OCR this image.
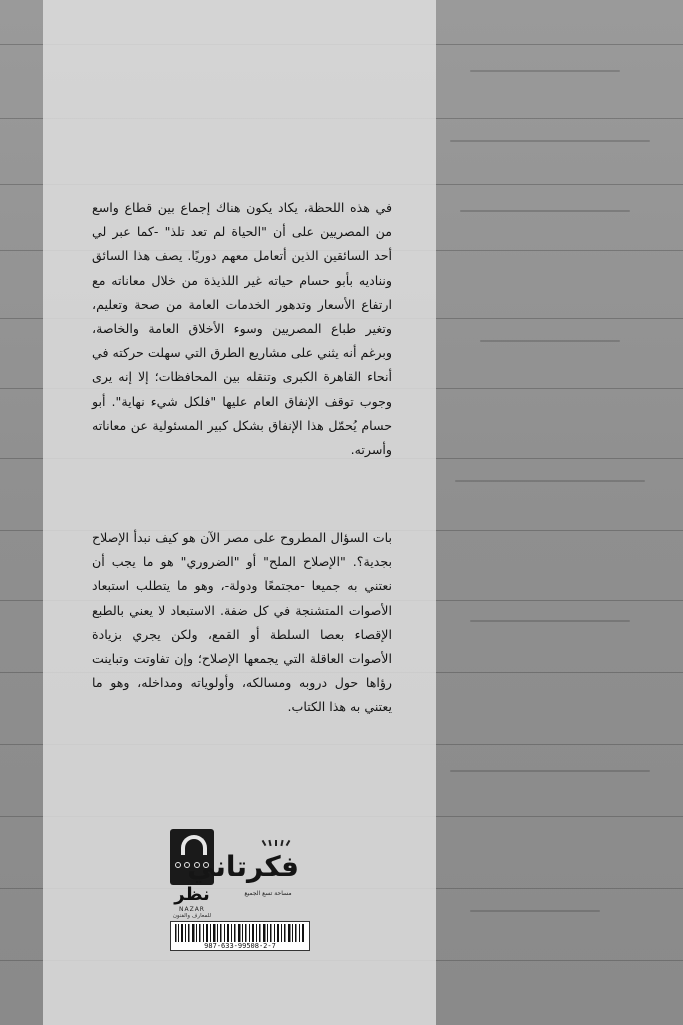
في هذه اللحظة، يكاد يكون هناك إجماع بين قطاع واسع من المصريين على أن "الحياة لم تعد تلذ" -كما عبر لي أحد السائقين الذين أتعامل معهم دوريًا. يصف هذا السائق ونناديه بأبو حسام حياته غير اللذيذة من خلال معاناته مع ارتفاع الأسعار وتدهور الخدمات العامة من صحة وتعليم، وتغير طباع المصريين وسوء الأخلاق العامة والخاصة، وبرغم أنه يثني على مشاريع الطرق التي سهلت حركته في أنحاء القاهرة الكبرى وتنقله بين المحافظات؛ إلا إنه يرى وجوب توقف الإنفاق العام عليها "فلكل شيء نهاية". أبو حسام يُحمّل هذا الإنفاق بشكل كبير المسئولية عن معاناته وأسرته.
بات السؤال المطروح على مصر الآن هو كيف نبدأ الإصلاح بجدية؟. "الإصلاح الملح" أو "الضروري" هو ما يجب أن نعتني به جميعا -مجتمعًا ودولة-، وهو ما يتطلب استبعاد الأصوات المتشنجة في كل ضفة. الاستبعاد لا يعني بالطبع الإقصاء بعصا السلطة أو القمع، ولكن يجري بزيادة الأصوات العاقلة التي يجمعها الإصلاح؛ وإن تفاوتت وتباينت رؤاها حول دروبه ومسالكه، وأولوياته ومداخله، وهو ما يعتني به هذا الكتاب.
نظر
NAZAR
للمعارف والفنون
فكرتاني
مساحة تسع الجميع
987-633-99508-2-7
